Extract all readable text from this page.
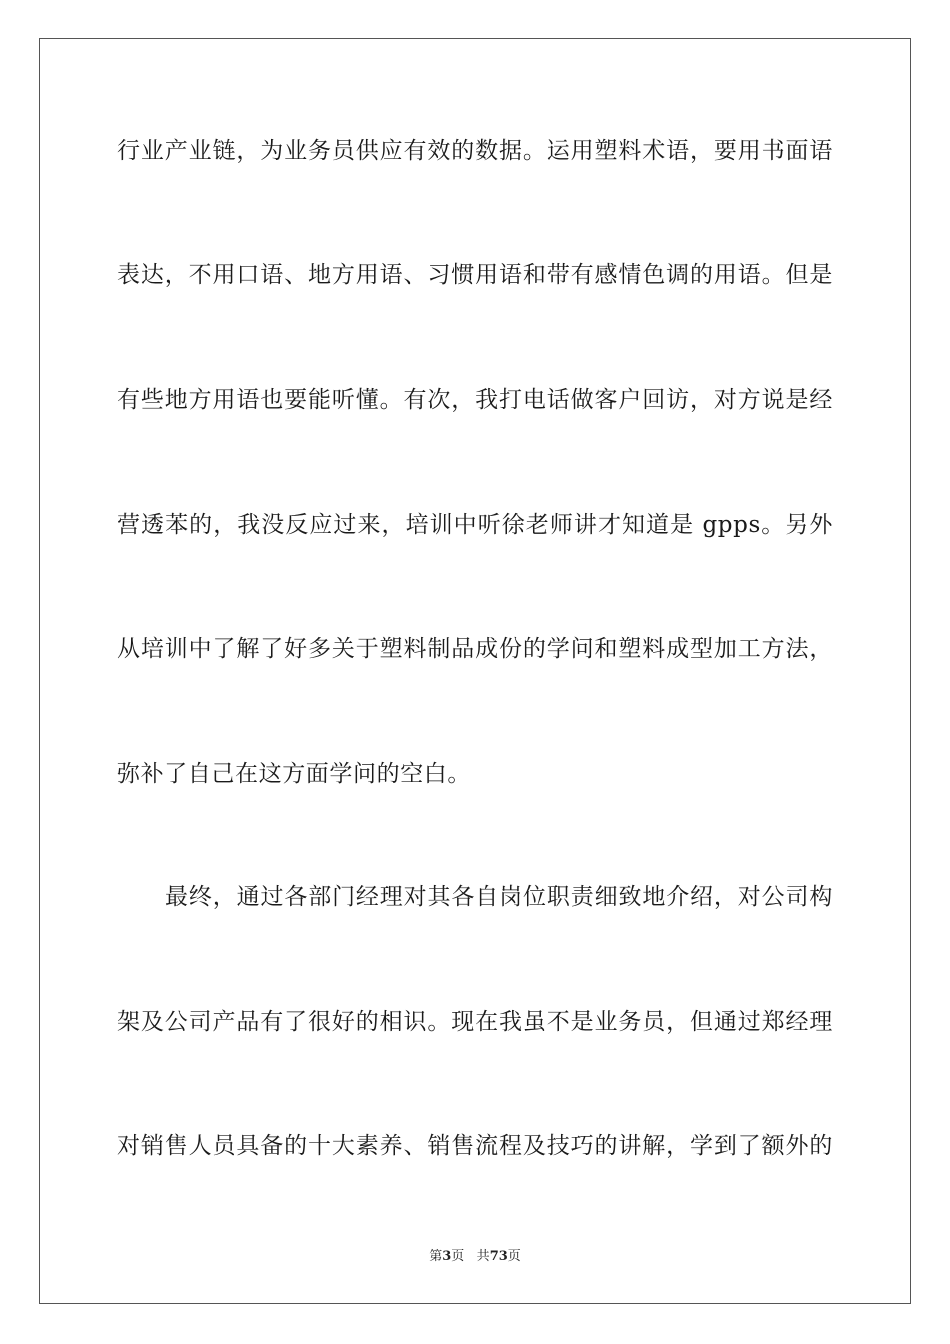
行业产业链，为业务员供应有效的数据。运用塑料术语，要用书面语
表达，不用口语、地方用语、习惯用语和带有感情色调的用语。但是
有些地方用语也要能听懂。有次，我打电话做客户回访，对方说是经
营透苯的，我没反应过来，培训中听徐老师讲才知道是 gpps。另外
从培训中了解了好多关于塑料制品成份的学问和塑料成型加工方法，
弥补了自己在这方面学问的空白。
最终，通过各部门经理对其各自岗位职责细致地介绍，对公司构
架及公司产品有了很好的相识。现在我虽不是业务员，但通过郑经理
对销售人员具备的十大素养、销售流程及技巧的讲解，学到了额外的
第3页 共73页
